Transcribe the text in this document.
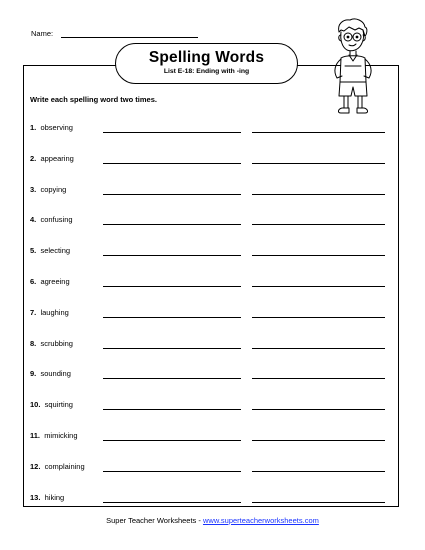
Name:
Spelling Words
List E-18: Ending with -ing
Write each spelling word two times.
1. observing
2. appearing
3. copying
4. confusing
5. selecting
6. agreeing
7. laughing
8. scrubbing
9. sounding
10. squirting
11. mimicking
12. complaining
13. hiking
Super Teacher Worksheets - www.superteacherworksheets.com
